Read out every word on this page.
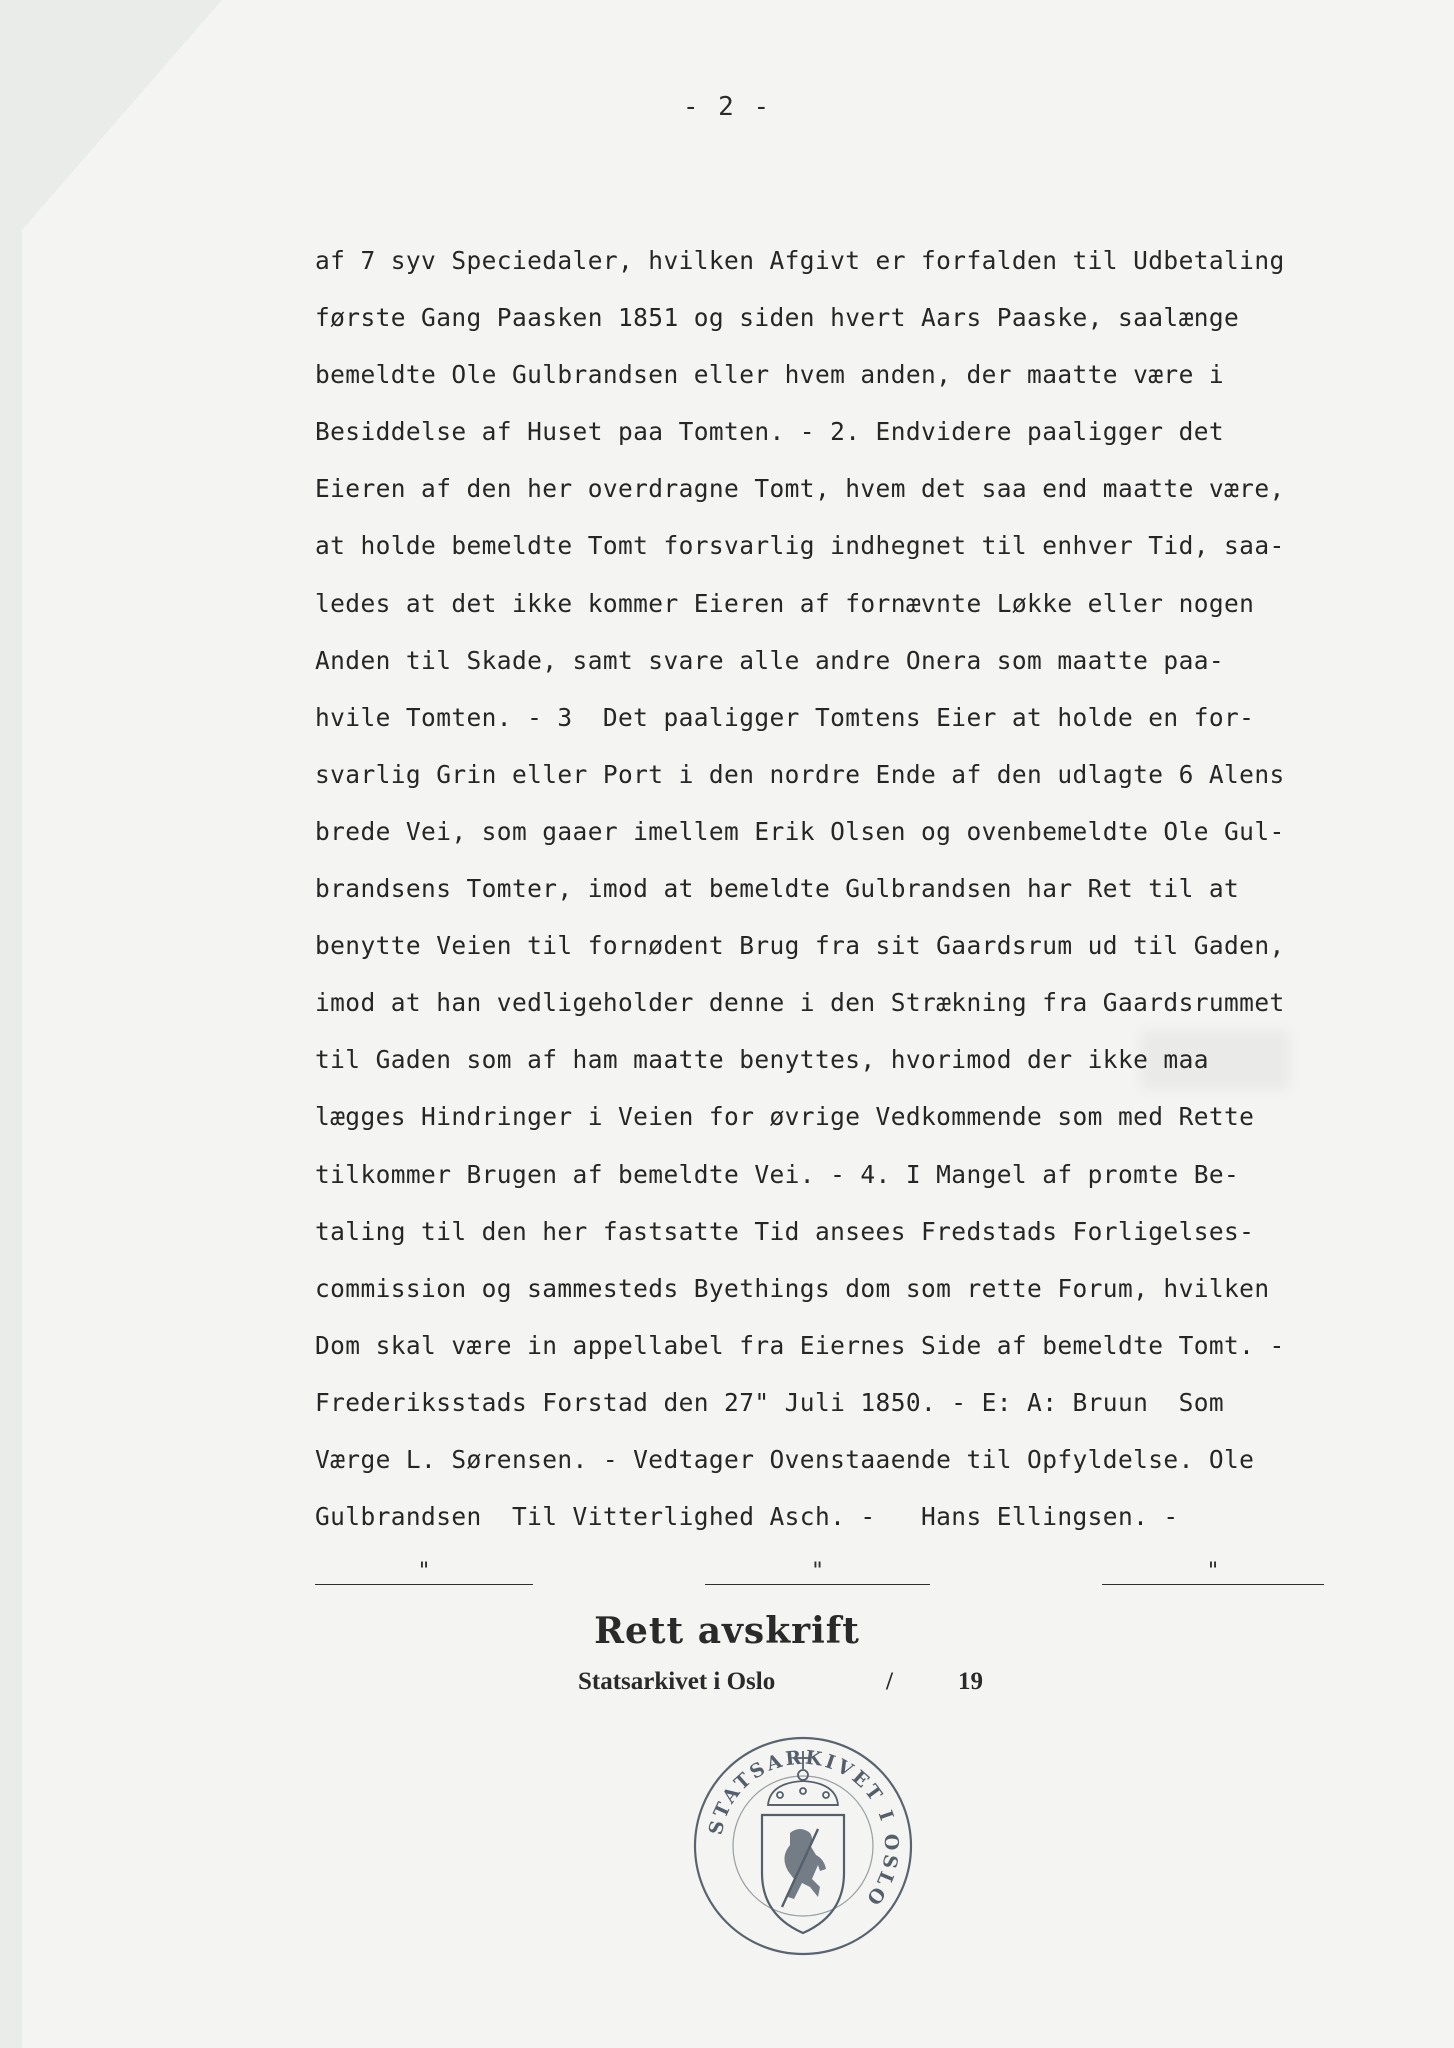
- 2 -
af 7 syv Speciedaler, hvilken Afgivt er forfalden til Udbetaling
første Gang Paasken 1851 og siden hvert Aars Paaske, saalænge
bemeldte Ole Gulbrandsen eller hvem anden, der maatte være i
Besiddelse af Huset paa Tomten. - 2. Endvidere paaligger det
Eieren af den her overdragne Tomt, hvem det saa end maatte være,
at holde bemeldte Tomt forsvarlig indhegnet til enhver Tid, saa-
ledes at det ikke kommer Eieren af fornævnte Løkke eller nogen
Anden til Skade, samt svare alle andre Onera som maatte paa-
hvile Tomten. - 3  Det paaligger Tomtens Eier at holde en for-
svarlig Grin eller Port i den nordre Ende af den udlagte 6 Alens
brede Vei, som gaaer imellem Erik Olsen og ovenbemeldte Ole Gul-
brandsens Tomter, imod at bemeldte Gulbrandsen har Ret til at
benytte Veien til fornødent Brug fra sit Gaardsrum ud til Gaden,
imod at han vedligeholder denne i den Strækning fra Gaardsrummet
til Gaden som af ham maatte benyttes, hvorimod der ikke maa
lægges Hindringer i Veien for øvrige Vedkommende som med Rette
tilkommer Brugen af bemeldte Vei. - 4. I Mangel af promte Be-
taling til den her fastsatte Tid ansees Fredstads Forligelses-
commission og sammesteds Byethings dom som rette Forum, hvilken
Dom skal være in appellabel fra Eiernes Side af bemeldte Tomt. -
Frederiksstads Forstad den 27" Juli 1850. - E: A: Bruun  Som
Værge L. Sørensen. - Vedtager Ovenstaaende til Opfyldelse. Ole
Gulbrandsen  Til Vitterlighed Asch. -   Hans Ellingsen. -
"	"	"
Rett avskrift
Statsarkivet i Oslo	/	19
STATSARKIVET I OSLO
